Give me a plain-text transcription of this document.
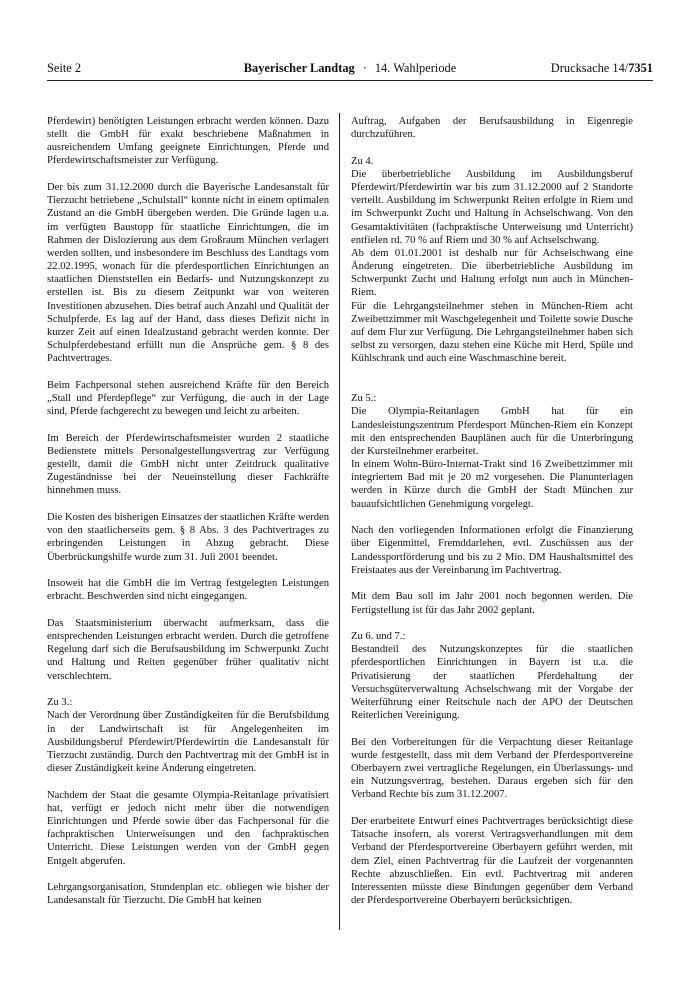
Seite 2	Bayerischer Landtag · 14. Wahlperiode	Drucksache 14/7351

Pferdewirt) benötigten Leistungen erbracht werden können. Dazu stellt die GmbH für exakt beschriebene Maßnahmen in ausreichendem Umfang geeignete Einrichtungen, Pferde und Pferdewirtschaftsmeister zur Verfügung.

Der bis zum 31.12.2000 durch die Bayerische Landesanstalt für Tierzucht betriebene „Schulstall“ konnte nicht in einem optimalen Zustand an die GmbH übergeben werden. Die Gründe lagen u.a. im verfügten Baustopp für staatliche Einrichtungen, die im Rahmen der Dislozierung aus dem Großraum München verlagert werden sollten, und insbesondere im Beschluss des Landtags vom 22.02.1995, wonach für die pferdesportlichen Einrichtungen an staatlichen Dienststellen ein Bedarfs- und Nutzungskonzept zu erstellen ist. Bis zu diesem Zeitpunkt war von weiteren Investitionen abzusehen. Dies betraf auch Anzahl und Qualität der Schulpferde. Es lag auf der Hand, dass dieses Defizit nicht in kurzer Zeit auf einen Idealzustand gebracht werden konnte. Der Schulpferdebestand erfüllt nun die Ansprüche gem. § 8 des Pachtvertrages.

Beim Fachpersonal stehen ausreichend Kräfte für den Bereich „Stall und Pferdepflege“ zur Verfügung, die auch in der Lage sind, Pferde fachgerecht zu bewegen und leicht zu arbeiten.

Im Bereich der Pferdewirtschaftsmeister wurden 2 staatliche Bedienstete mittels Personalgestellungsvertrag zur Verfügung gestellt, damit die GmbH nicht unter Zeitdruck qualitative Zugeständnisse bei der Neueinstellung dieser Fachkräfte hinnehmen muss.

Die Kosten des bisherigen Einsatzes der staatlichen Kräfte werden von den staatlicherseits gem. § 8 Abs. 3 des Pachtvertrages zu erbringenden Leistungen in Abzug gebracht. Diese Überbrückungshilfe wurde zum 31. Juli 2001 beendet.

Insoweit hat die GmbH die im Vertrag festgelegten Leistungen erbracht. Beschwerden sind nicht eingegangen.

Das Staatsministerium überwacht aufmerksam, dass die entsprechenden Leistungen erbracht werden. Durch die getroffene Regelung darf sich die Berufsausbildung im Schwerpunkt Zucht und Haltung und Reiten gegenüber früher qualitativ nicht verschlechtern.

Zu 3.:
Nach der Verordnung über Zuständigkeiten für die Berufsbildung in der Landwirtschaft ist für Angelegenheiten im Ausbildungsberuf Pferdewirt/Pferdewirtin die Landesanstalt für Tierzucht zuständig. Durch den Pachtvertrag mit der GmbH ist in dieser Zuständigkeit keine Änderung eingetreten.

Nachdem der Staat die gesamte Olympia-Reitanlage privatisiert hat, verfügt er jedoch nicht mehr über die notwendigen Einrichtungen und Pferde sowie über das Fachpersonal für die fachpraktischen Unterweisungen und den fachpraktischen Unterricht. Diese Leistungen werden von der GmbH gegen Entgelt abgerufen.

Lehrgangsorganisation, Stundenplan etc. obliegen wie bisher der Landesanstalt für Tierzucht. Die GmbH hat keinen

Auftrag, Aufgaben der Berufsausbildung in Eigenregie durchzuführen.

Zu 4.
Die überbetriebliche Ausbildung im Ausbildungsberuf Pferdewirt/Pferdewirtin war bis zum 31.12.2000 auf 2 Standorte verteilt. Ausbildung im Schwerpunkt Reiten erfolgte in Riem und im Schwerpunkt Zucht und Haltung in Achselschwang. Von den Gesamtaktivitäten (fachpraktische Unterweisung und Unterricht) entfielen rd. 70 % auf Riem und 30 % auf Achselschwang.

Ab dem 01.01.2001 ist deshalb nur für Achselschwang eine Änderung eingetreten. Die überbetriebliche Ausbildung im Schwerpunkt Zucht und Haltung erfolgt nun auch in München-Riem.

Für die Lehrgangsteilnehmer stehen in München-Riem acht Zweibettzimmer mit Waschgelegenheit und Toilette sowie Dusche auf dem Flur zur Verfügung. Die Lehrgangsteilnehmer haben sich selbst zu versorgen, dazu stehen eine Küche mit Herd, Spüle und Kühlschrank und auch eine Waschmaschine bereit.

Zu 5.:
Die Olympia-Reitanlagen GmbH hat für ein Landesleistungszentrum Pferdesport München-Riem ein Konzept mit den entsprechenden Bauplänen auch für die Unterbringung der Kursteilnehmer erarbeitet.

In einem Wohn-Büro-Internat-Trakt sind 16 Zweibettzimmer mit integriertem Bad mit je 20 m2 vorgesehen. Die Planunterlagen werden in Kürze durch die GmbH der Stadt München zur bauaufsichtlichen Genehmigung vorgelegt.

Nach den vorliegenden Informationen erfolgt die Finanzierung über Eigenmittel, Fremddarlehen, evtl. Zuschüssen aus der Landessportförderung und bis zu 2 Mio. DM Haushaltsmittel des Freistaates aus der Vereinbarung im Pachtvertrag.

Mit dem Bau soll im Jahr 2001 noch begonnen werden. Die Fertigstellung ist für das Jahr 2002 geplant.

Zu 6. und 7.:
Bestandteil des Nutzungskonzeptes für die staatlichen pferdesportlichen Einrichtungen in Bayern ist u.a. die Privatisierung der staatlichen Pferdehaltung der Versuchsgüterverwaltung Achselschwang mit der Vorgabe der Weiterführung einer Reitschule nach der APO der Deutschen Reiterlichen Vereinigung.

Bei den Vorbereitungen für die Verpachtung dieser Reitanlage wurde festgestellt, dass mit dem Verband der Pferdesportvereine Oberbayern zwei vertragliche Regelungen, ein Überlassungs- und ein Nutzungsvertrag, bestehen. Daraus ergeben sich für den Verband Rechte bis zum 31.12.2007.

Der erarbeitete Entwurf eines Pachtvertrages berücksichtigt diese Tatsache insofern, als vorerst Vertragsverhandlungen mit dem Verband der Pferdesportvereine Oberbayern geführt werden, mit dem Ziel, einen Pachtvertrag für die Laufzeit der vorgenannten Rechte abzuschließen. Ein evtl. Pachtvertrag mit anderen Interessenten müsste diese Bindungen gegenüber dem Verband der Pferdesportvereine Oberbayern berücksichtigen.
